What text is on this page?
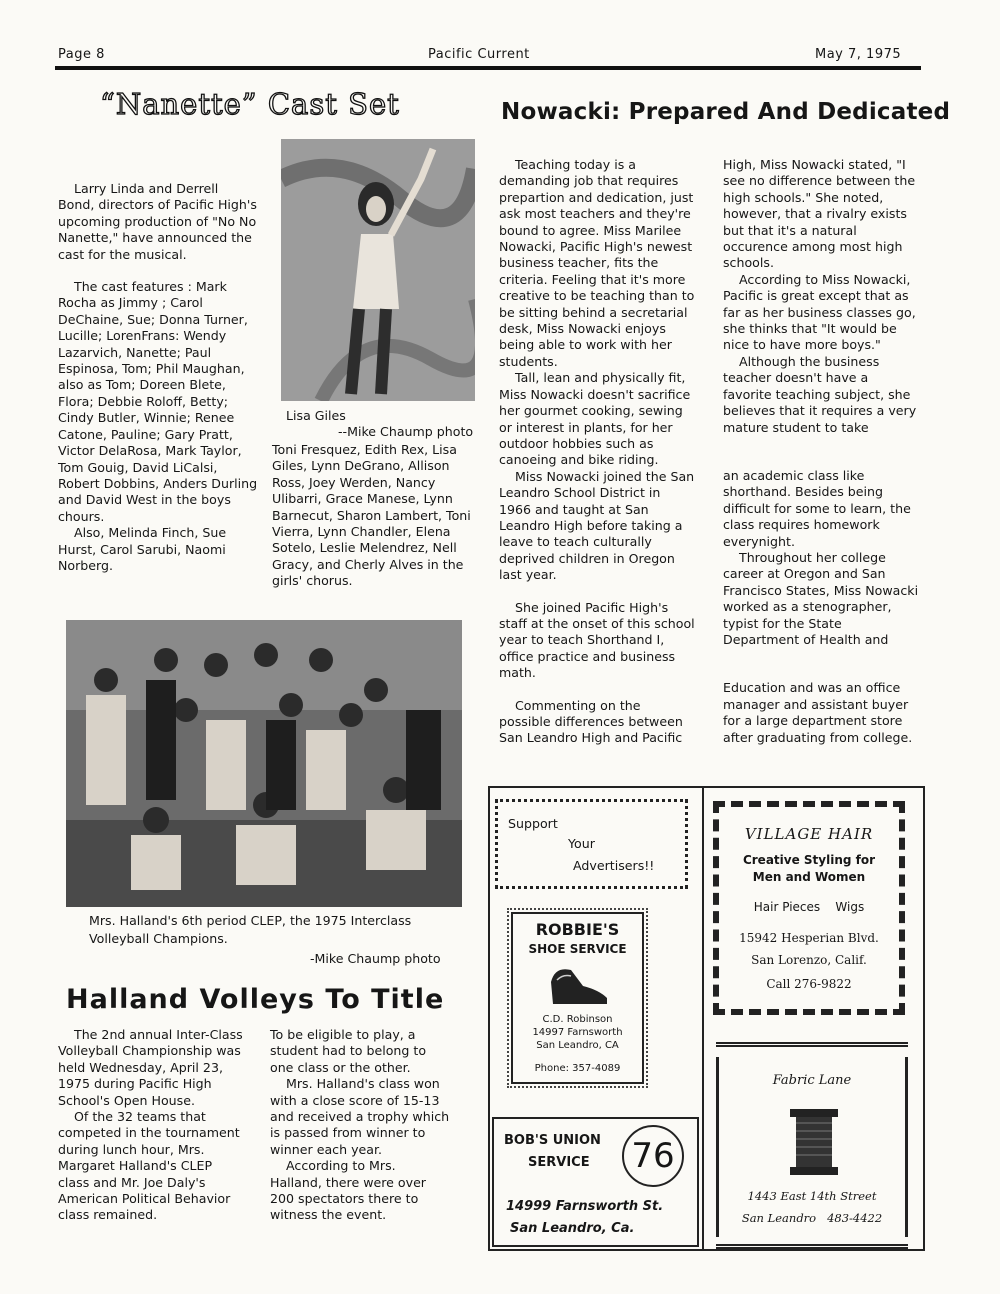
Page 8	Pacific Current	May 7, 1975
“Nanette” Cast Set

Larry Linda and Derrell Bond, directors of Pacific High's upcoming production of "No No Nanette," have announced the cast for the musical.

The cast features : Mark Rocha as Jimmy ; Carol DeChaine, Sue; Donna Turner, Lucille; LorenFrans: Wendy Lazarvich, Nanette; Paul Espinosa, Tom; Phil Maughan, also as Tom; Doreen Blete, Flora; Debbie Roloff, Betty; Cindy Butler, Winnie; Renee Catone, Pauline; Gary Pratt, Victor DelaRosa, Mark Taylor, Tom Gouig, David LiCalsi, Robert Dobbins, Anders Durling and David West in the boys chours.

Also, Melinda Finch, Sue Hurst, Carol Sarubi, Naomi Norberg.

Lisa Giles
--Mike Chaump photo

Toni Fresquez, Edith Rex, Lisa Giles, Lynn DeGrano, Allison Ross, Joey Werden, Nancy Ulibarri, Grace Manese, Lynn Barnecut, Sharon Lambert, Toni Vierra, Lynn Chandler, Elena Sotelo, Leslie Melendrez, Nell Gracy, and Cherly Alves in the girls' chorus.

Nowacki: Prepared And Dedicated

Teaching today is a demanding job that requires prepartion and dedication, just ask most teachers and they're bound to agree. Miss Marilee Nowacki, Pacific High's newest business teacher, fits the criteria. Feeling that it's more creative to be teaching than to be sitting behind a secretarial desk, Miss Nowacki enjoys being able to work with her students.

Tall, lean and physically fit, Miss Nowacki doesn't sacrifice her gourmet cooking, sewing or interest in plants, for her outdoor hobbies such as canoeing and bike riding.

Miss Nowacki joined the San Leandro School District in 1966 and taught at San Leandro High before taking a leave to teach culturally deprived children in Oregon last year.

She joined Pacific High's staff at the onset of this school year to teach Shorthand I, office practice and business math.

Commenting on the possible differences between San Leandro High and Pacific

High, Miss Nowacki stated, "I see no difference between the high schools." She noted, however, that a rivalry exists but that it's a natural occurence among most high schools.

According to Miss Nowacki, Pacific is great except that as far as her business classes go, she thinks that "It would be nice to have more boys."

Although the business teacher doesn't have a favorite teaching subject, she believes that it requires a very mature student to take

an academic class like shorthand. Besides being difficult for some to learn, the class requires homework everynight.

Throughout her college career at Oregon and San Francisco States, Miss Nowacki worked as a stenographer, typist for the State Department of Health and

Education and was an office manager and assistant buyer for a large department store after graduating from college.

Mrs. Halland's 6th period CLEP, the 1975 Interclass Volleyball Champions.
-Mike Chaump photo
Halland Volleys To Title

The 2nd annual Inter-Class Volleyball Championship was held Wednesday, April 23, 1975 during Pacific High School's Open House.

Of the 32 teams that competed in the tournament during lunch hour, Mrs. Margaret Halland's CLEP class and Mr. Joe Daly's American Political Behavior class remained.

To be eligible to play, a student had to belong to one class or the other.

Mrs. Halland's class won with a close score of 15-13 and received a trophy which is passed from winner to winner each year.

According to Mrs. Halland, there were over 200 spectators there to witness the event.

Support
Your
Advertisers!!
ROBBIE'S
SHOE SERVICE
C.D. Robinson
14997 Farnsworth
San Leandro, CA
Phone: 357-4089
BOB'S UNION
SERVICE 76
14999 Farnsworth St.
San Leandro, Ca.
VILLAGE HAIR
Creative Styling for
Men and Women
Hair Pieces    Wigs
15942 Hesperian Blvd.
San Lorenzo, Calif.
Call 276-9822
Fabric Lane
1443 East 14th Street
San Leandro   483-4422
